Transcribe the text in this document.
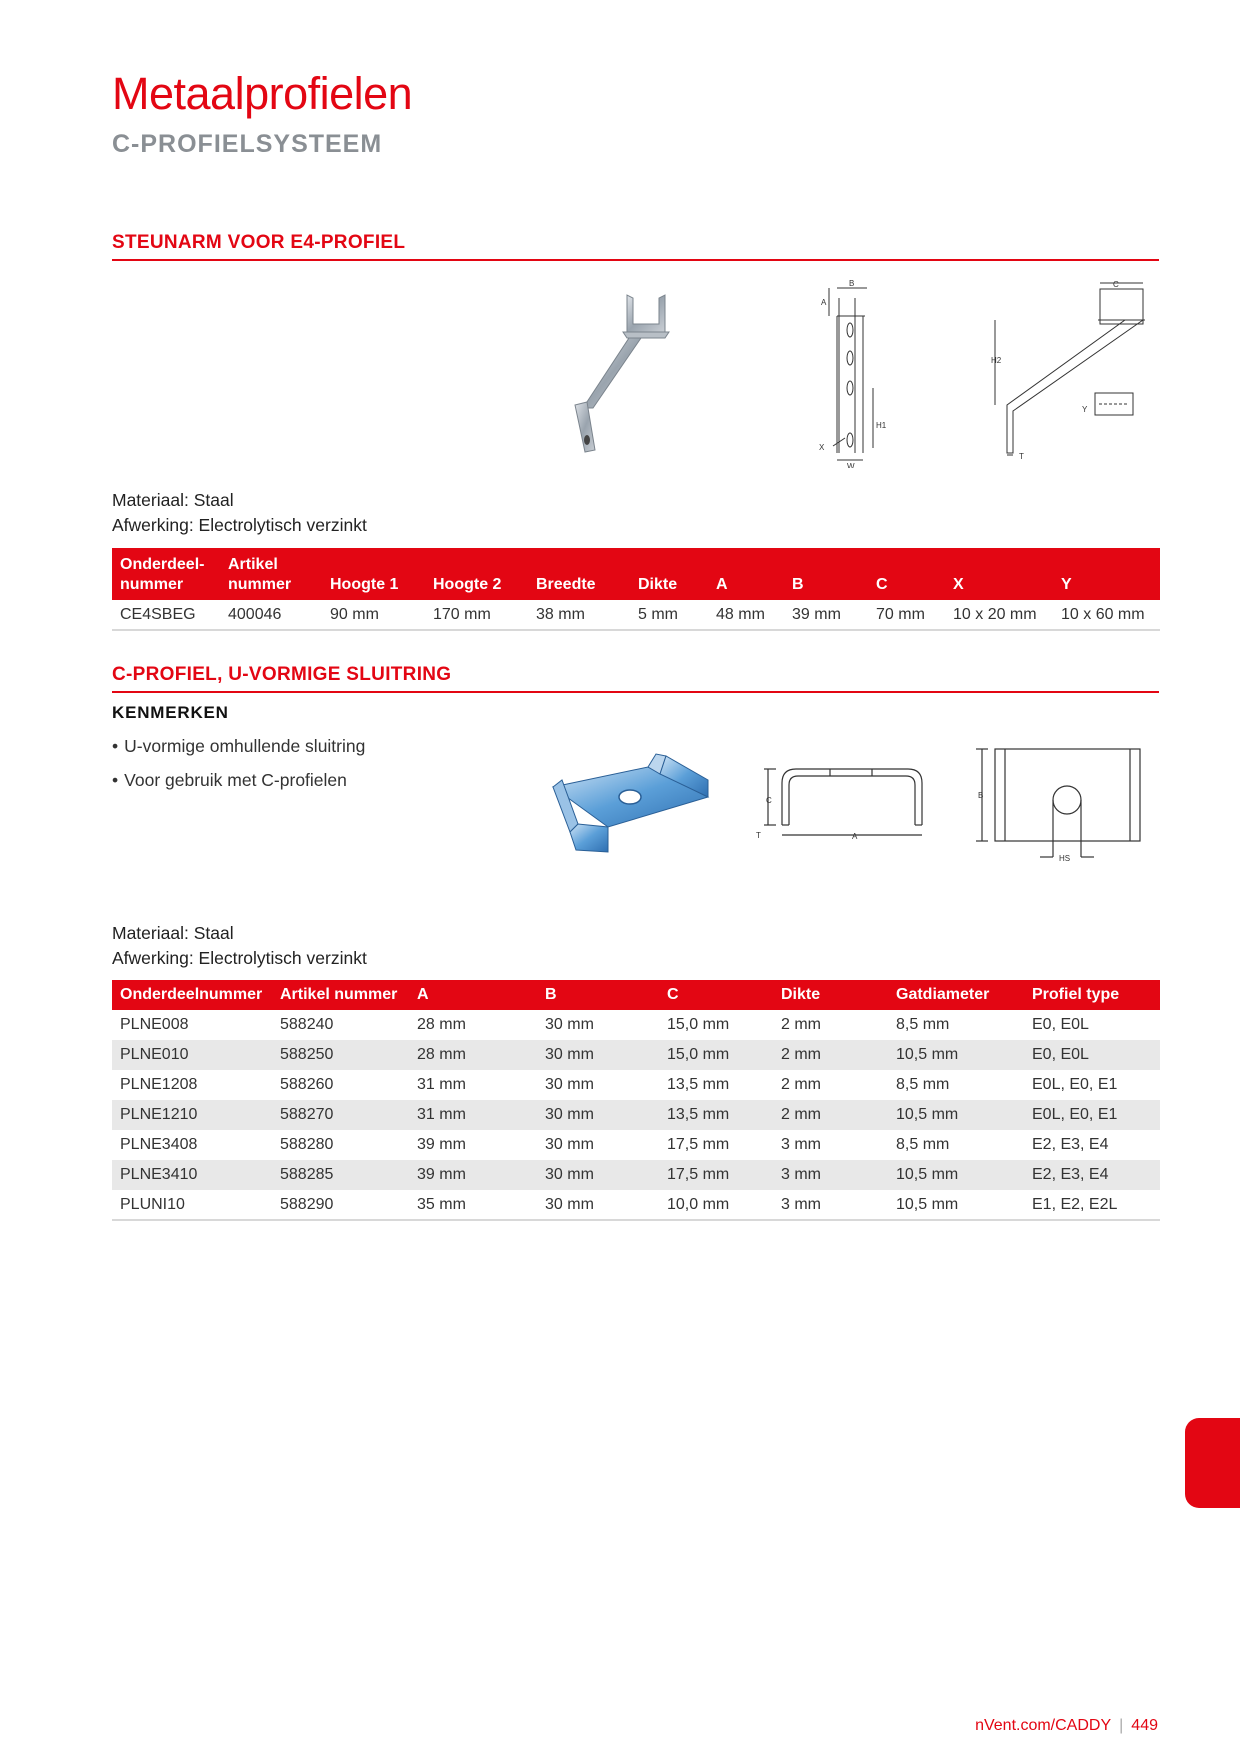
Metaalprofielen
C-PROFIELSYSTEEM
STEUNARM VOOR E4-PROFIEL
B
A
H1
X
W
C
H2
Y
T
Materiaal: Staal
Afwerking: Electrolytisch verzinkt
Onderdeel-
nummer	Artikel
nummer	Hoogte 1	Hoogte 2	Breedte	Dikte	A	B	C	X	Y
CE4SBEG	400046	90 mm	170 mm	38 mm	5 mm	48 mm	39 mm	70 mm	10 x 20 mm	10 x 60 mm
C-PROFIEL, U-VORMIGE SLUITRING
KENMERKEN
• U-vormige omhullende sluitring
• Voor gebruik met C-profielen
C
T	A
B
HS
Materiaal: Staal
Afwerking: Electrolytisch verzinkt
Onderdeelnummer	Artikel nummer	A	B	C	Dikte	Gatdiameter	Profiel type
PLNE008	588240	28 mm	30 mm	15,0 mm	2 mm	8,5 mm	E0, E0L
PLNE010	588250	28 mm	30 mm	15,0 mm	2 mm	10,5 mm	E0, E0L
PLNE1208	588260	31 mm	30 mm	13,5 mm	2 mm	8,5 mm	E0L, E0, E1
PLNE1210	588270	31 mm	30 mm	13,5 mm	2 mm	10,5 mm	E0L, E0, E1
PLNE3408	588280	39 mm	30 mm	17,5 mm	3 mm	8,5 mm	E2, E3, E4
PLNE3410	588285	39 mm	30 mm	17,5 mm	3 mm	10,5 mm	E2, E3, E4
PLUNI10	588290	35 mm	30 mm	10,0 mm	3 mm	10,5 mm	E1, E2, E2L
nVent.com/CADDY | 449
